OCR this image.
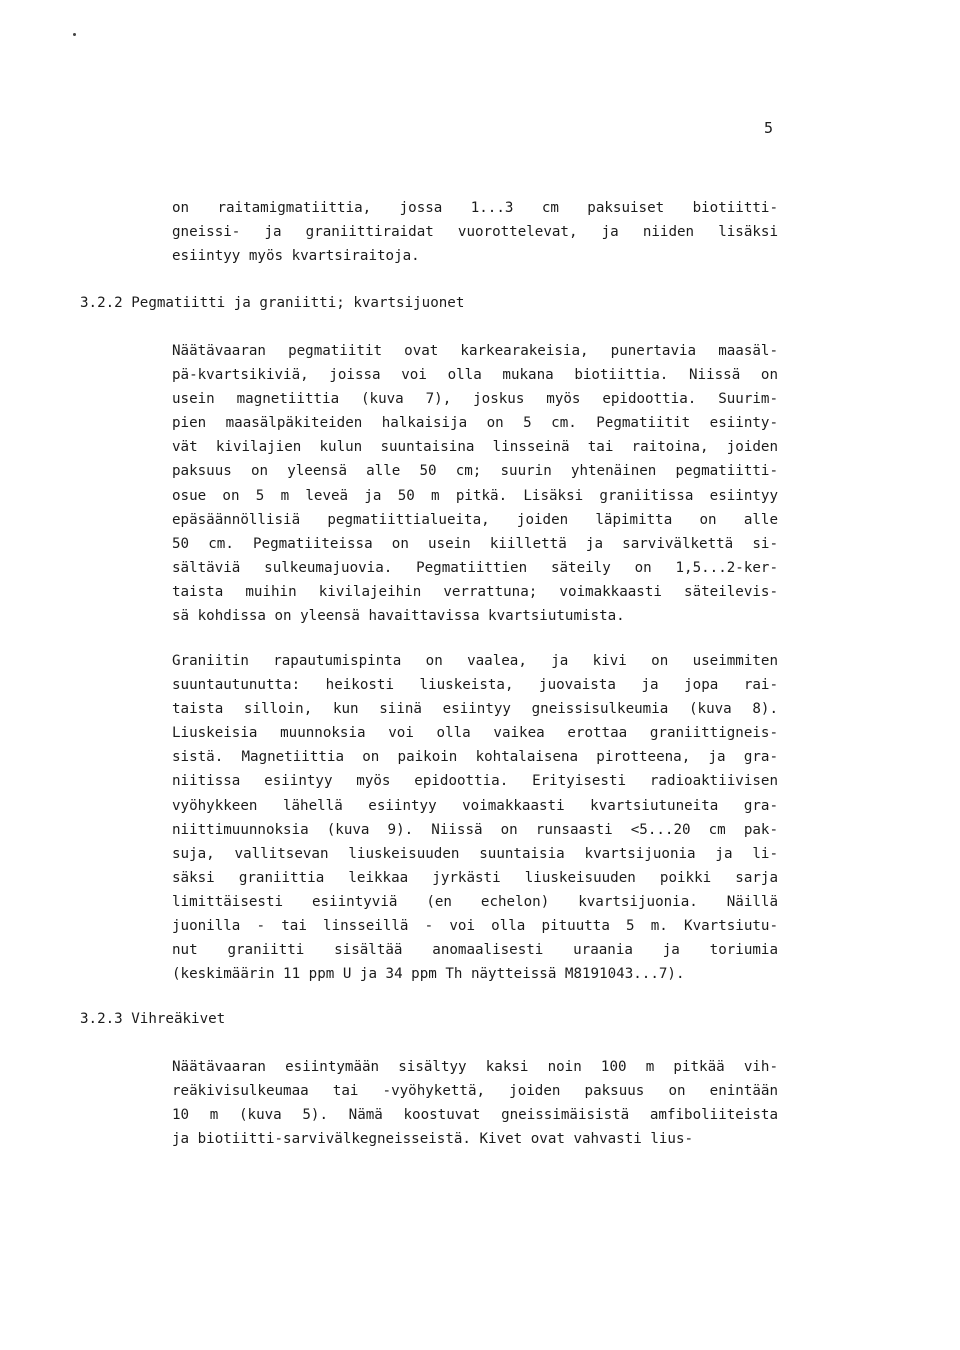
5
on raitamigmatiittia, jossa 1...3 cm paksuiset biotiitti-
gneissi- ja graniittiraidat vuorottelevat, ja niiden lisäksi
esiintyy myös kvartsiraitoja.
3.2.2 Pegmatiitti ja graniitti; kvartsijuonet
Näätävaaran pegmatiitit ovat karkearakeisia, punertavia maasäl-
pä-kvartsikiviä, joissa voi olla mukana biotiittia. Niissä on
usein magnetiittia (kuva 7), joskus myös epidoottia. Suurim-
pien maasälpäkiteiden halkaisija on 5 cm. Pegmatiitit esiinty-
vät kivilajien kulun suuntaisina linsseinä tai raitoina, joiden
paksuus on yleensä alle 50 cm; suurin yhtenäinen pegmatiitti-
osue on 5 m leveä ja 50 m pitkä. Lisäksi graniitissa esiintyy
epäsäännöllisiä pegmatiittialueita, joiden läpimitta on alle
50 cm. Pegmatiiteissa on usein kiillettä ja sarvivälkettä si-
sältäviä sulkeumajuovia. Pegmatiittien säteily on 1,5...2-ker-
taista muihin kivilajeihin verrattuna; voimakkaasti säteilevis-
sä kohdissa on yleensä havaittavissa kvartsiutumista.
Graniitin rapautumispinta on vaalea, ja kivi on useimmiten
suuntautunutta: heikosti liuskeista, juovaista ja jopa rai-
taista silloin, kun siinä esiintyy gneissisulkeumia (kuva 8).
Liuskeisia muunnoksia voi olla vaikea erottaa graniittigneis-
sistä. Magnetiittia on paikoin kohtalaisena pirotteena, ja gra-
niitissa esiintyy myös epidoottia. Erityisesti radioaktiivisen
vyöhykkeen lähellä esiintyy voimakkaasti kvartsiutuneita gra-
niittimuunnoksia (kuva 9). Niissä on runsaasti <5...20 cm pak-
suja, vallitsevan liuskeisuuden suuntaisia kvartsijuonia ja li-
säksi graniittia leikkaa jyrkästi liuskeisuuden poikki sarja
limittäisesti esiintyviä (en echelon) kvartsijuonia. Näillä
juonilla - tai linsseillä - voi olla pituutta 5 m. Kvartsiutu-
nut graniitti sisältää anomaalisesti uraania ja toriumia
(keskimäärin 11 ppm U ja 34 ppm Th näytteissä M8191043...7).
3.2.3 Vihreäkivet
Näätävaaran esiintymään sisältyy kaksi noin 100 m pitkää vih-
reäkivisulkeumaa tai -vyöhykettä, joiden paksuus on enintään
10 m (kuva 5). Nämä koostuvat gneissimäisistä amfiboliiteista
ja biotiitti-sarvivälkegneisseistä. Kivet ovat vahvasti lius-
